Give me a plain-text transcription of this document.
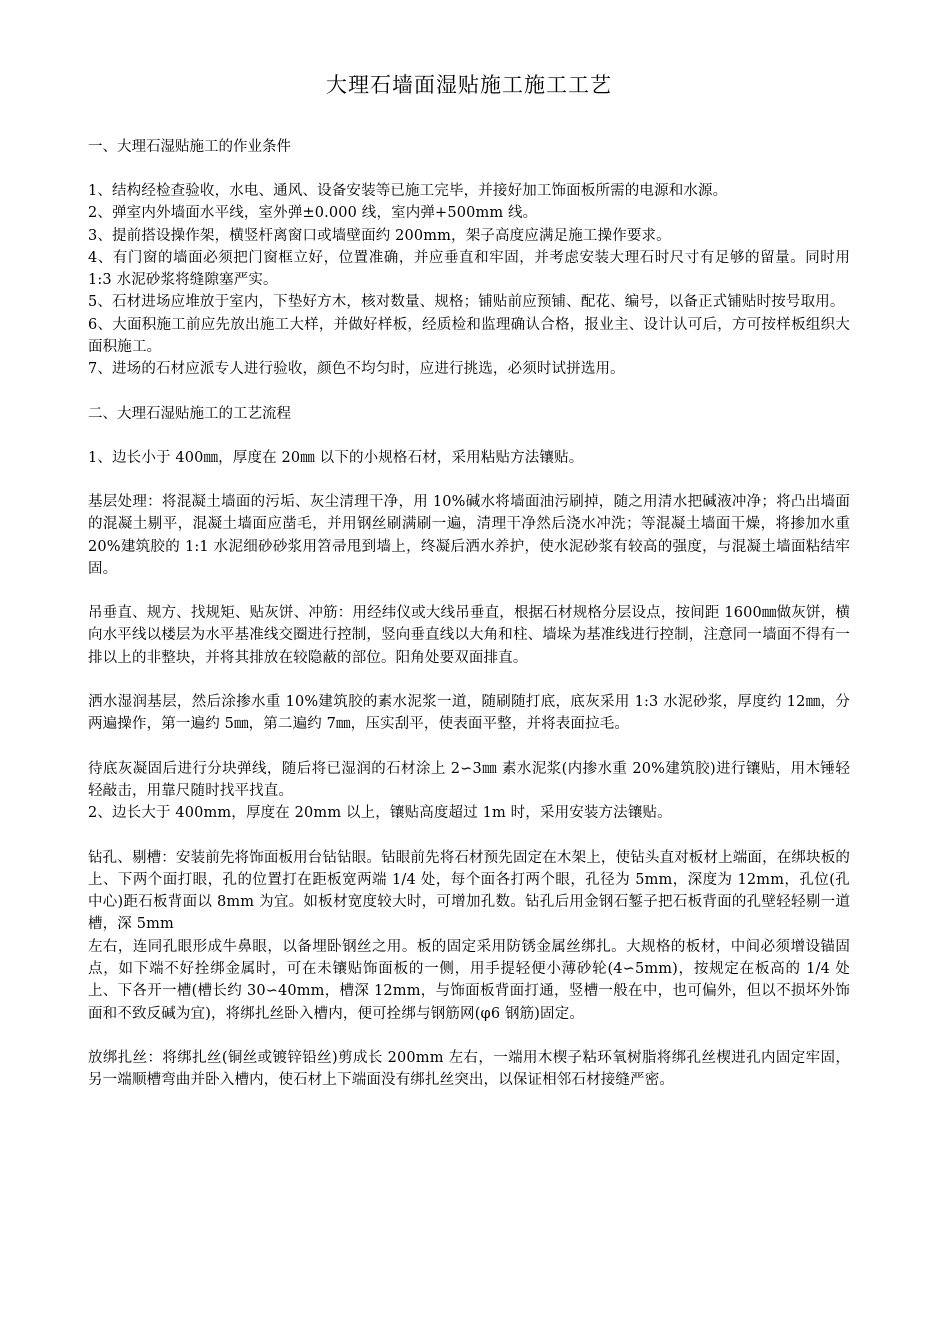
大理石墙面湿贴施工施工工艺
一、大理石湿贴施工的作业条件

1、结构经检查验收，水电、通风、设备安装等已施工完毕，并接好加工饰面板所需的电源和水源。

2、弹室内外墙面水平线，室外弹±0.000 线，室内弹+500mm 线。

3、提前搭设操作架，横竖杆离窗口或墙壁面约 200mm，架子高度应满足施工操作要求。

4、有门窗的墙面必须把门窗框立好，位置准确，并应垂直和牢固，并考虑安装大理石时尺寸有足够的留量。同时用 1:3 水泥砂浆将缝隙塞严实。

5、石材进场应堆放于室内，下垫好方木，核对数量、规格；铺贴前应预铺、配花、编号，以备正式铺贴时按号取用。

6、大面积施工前应先放出施工大样，并做好样板，经质检和监理确认合格，报业主、设计认可后，方可按样板组织大面积施工。

7、进场的石材应派专人进行验收，颜色不均匀时，应进行挑选，必须时试拼选用。

二、大理石湿贴施工的工艺流程

1、边长小于 400㎜，厚度在 20㎜ 以下的小规格石材，采用粘贴方法镶贴。

基层处理：将混凝土墙面的污垢、灰尘清理干净，用 10%碱水将墙面油污刷掉，随之用清水把碱液冲净；将凸出墙面的混凝土剔平，混凝土墙面应凿毛，并用钢丝刷满刷一遍，清理干净然后浇水冲洗；等混凝土墙面干燥，将掺加水重 20%建筑胶的 1:1 水泥细砂砂浆用笤帚甩到墙上，终凝后洒水养护，使水泥砂浆有较高的强度，与混凝土墙面粘结牢固。

吊垂直、规方、找规矩、贴灰饼、冲筋：用经纬仪或大线吊垂直，根据石材规格分层设点，按间距 1600㎜做灰饼，横向水平线以楼层为水平基准线交圈进行控制，竖向垂直线以大角和柱、墙垛为基准线进行控制，注意同一墙面不得有一排以上的非整块，并将其排放在较隐蔽的部位。阳角处要双面排直。

洒水湿润基层，然后涂掺水重 10%建筑胶的素水泥浆一道，随刷随打底，底灰采用 1:3 水泥砂浆，厚度约 12㎜，分两遍操作，第一遍约 5㎜，第二遍约 7㎜，压实刮平，使表面平整，并将表面拉毛。

待底灰凝固后进行分块弹线，随后将已湿润的石材涂上 2∽3㎜ 素水泥浆(内掺水重 20%建筑胶)进行镶贴，用木锤轻轻敲击，用靠尺随时找平找直。

2、边长大于 400mm，厚度在 20mm 以上，镶贴高度超过 1m 时，采用安装方法镶贴。

钻孔、剔槽：安装前先将饰面板用台钻钻眼。钻眼前先将石材预先固定在木架上，使钻头直对板材上端面，在绑块板的上、下两个面打眼，孔的位置打在距板宽两端 1/4 处，每个面各打两个眼，孔径为 5mm，深度为 12mm，孔位(孔中心)距石板背面以 8mm 为宜。如板材宽度较大时，可增加孔数。钻孔后用金钢石錾子把石板背面的孔壁轻轻剔一道槽，深 5mm

左右，连同孔眼形成牛鼻眼，以备埋卧钢丝之用。板的固定采用防锈金属丝绑扎。大规格的板材，中间必须增设锚固点，如下端不好拴绑金属时，可在未镶贴饰面板的一侧，用手提轻便小薄砂轮(4∽5mm)，按规定在板高的 1/4 处上、下各开一槽(槽长约 30∽40mm，槽深 12mm，与饰面板背面打通，竖槽一般在中，也可偏外，但以不损坏外饰面和不致反碱为宜)，将绑扎丝卧入槽内，便可拴绑与钢筋网(φ6 钢筋)固定。

放绑扎丝：将绑扎丝(铜丝或镀锌铅丝)剪成长 200mm 左右，一端用木楔子粘环氧树脂将绑孔丝楔进孔内固定牢固，另一端顺槽弯曲并卧入槽内，使石材上下端面没有绑扎丝突出，以保证相邻石材接缝严密。
